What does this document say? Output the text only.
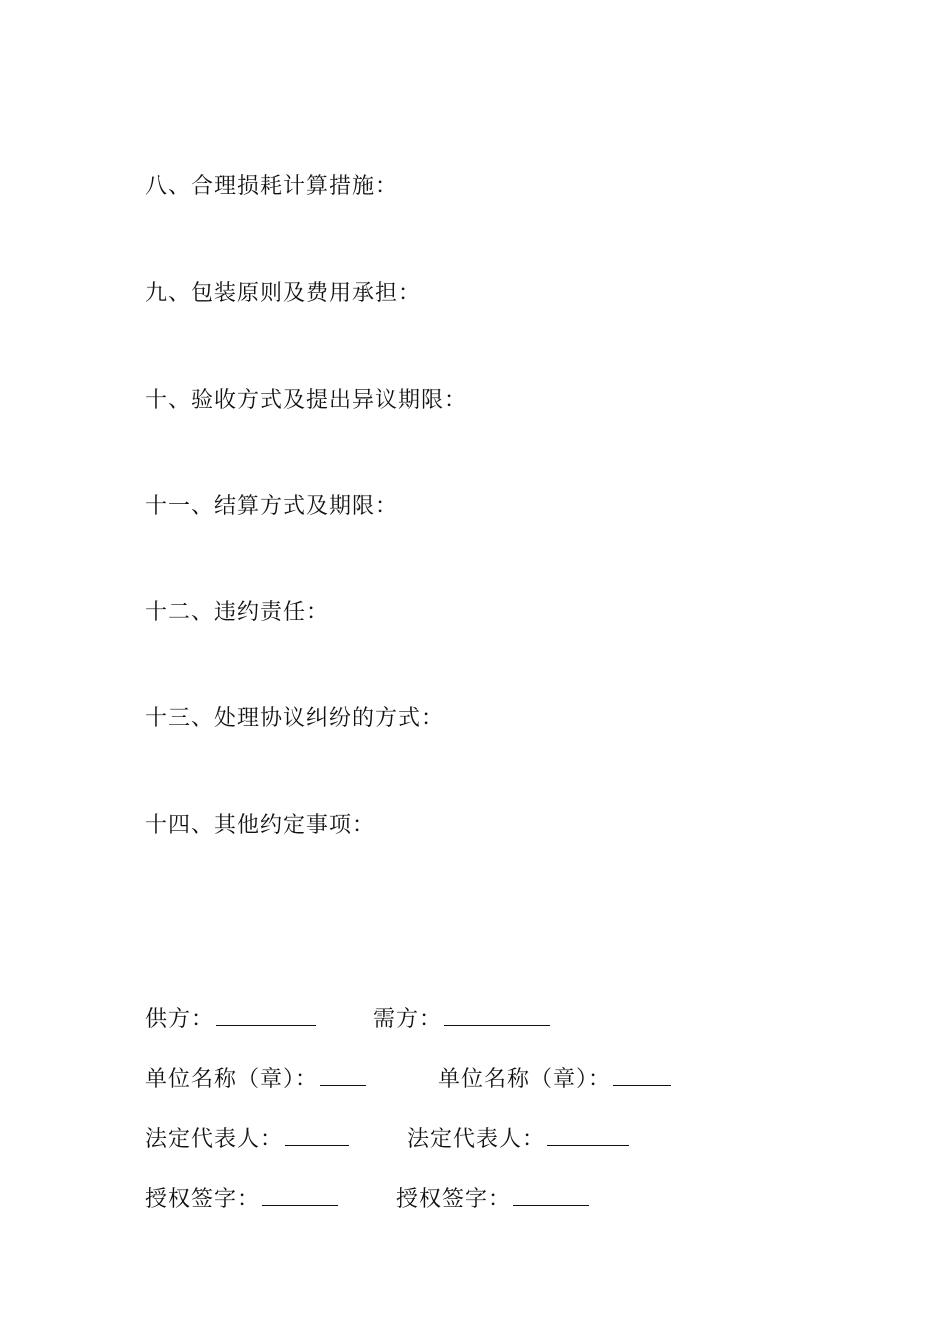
八、合理损耗计算措施：
九、包装原则及费用承担：
十、验收方式及提出异议期限：
十一、结算方式及期限：
十二、违约责任：
十三、处理协议纠纷的方式：
十四、其他约定事项：
供方：	需方：
单位名称（章）：	单位名称（章）：
法定代表人：	法定代表人：
授权签字：	授权签字：
